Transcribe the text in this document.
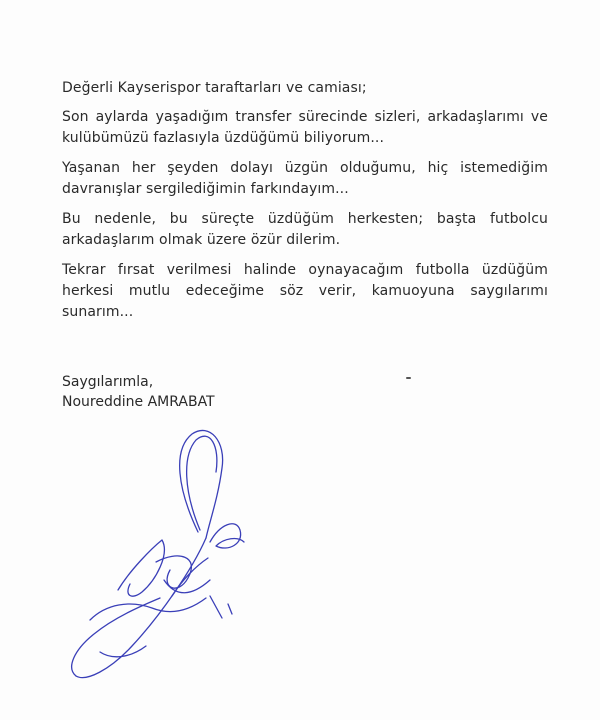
Değerli Kayserispor taraftarları ve camiası;

Son aylarda yaşadığım transfer sürecinde sizleri, arkadaşlarımı ve kulübümüzü fazlasıyla üzdüğümü biliyorum...

Yaşanan her şeyden dolayı üzgün olduğumu, hiç istemediğim davranışlar sergilediğimin farkındayım...

Bu nedenle, bu süreçte üzdüğüm herkesten; başta futbolcu arkadaşlarım olmak üzere özür dilerim.

Tekrar fırsat verilmesi halinde oynayacağım futbolla üzdüğüm herkesi mutlu edeceğime söz verir, kamuoyuna saygılarımı sunarım...

Saygılarımla,
Noureddine AMRABAT
